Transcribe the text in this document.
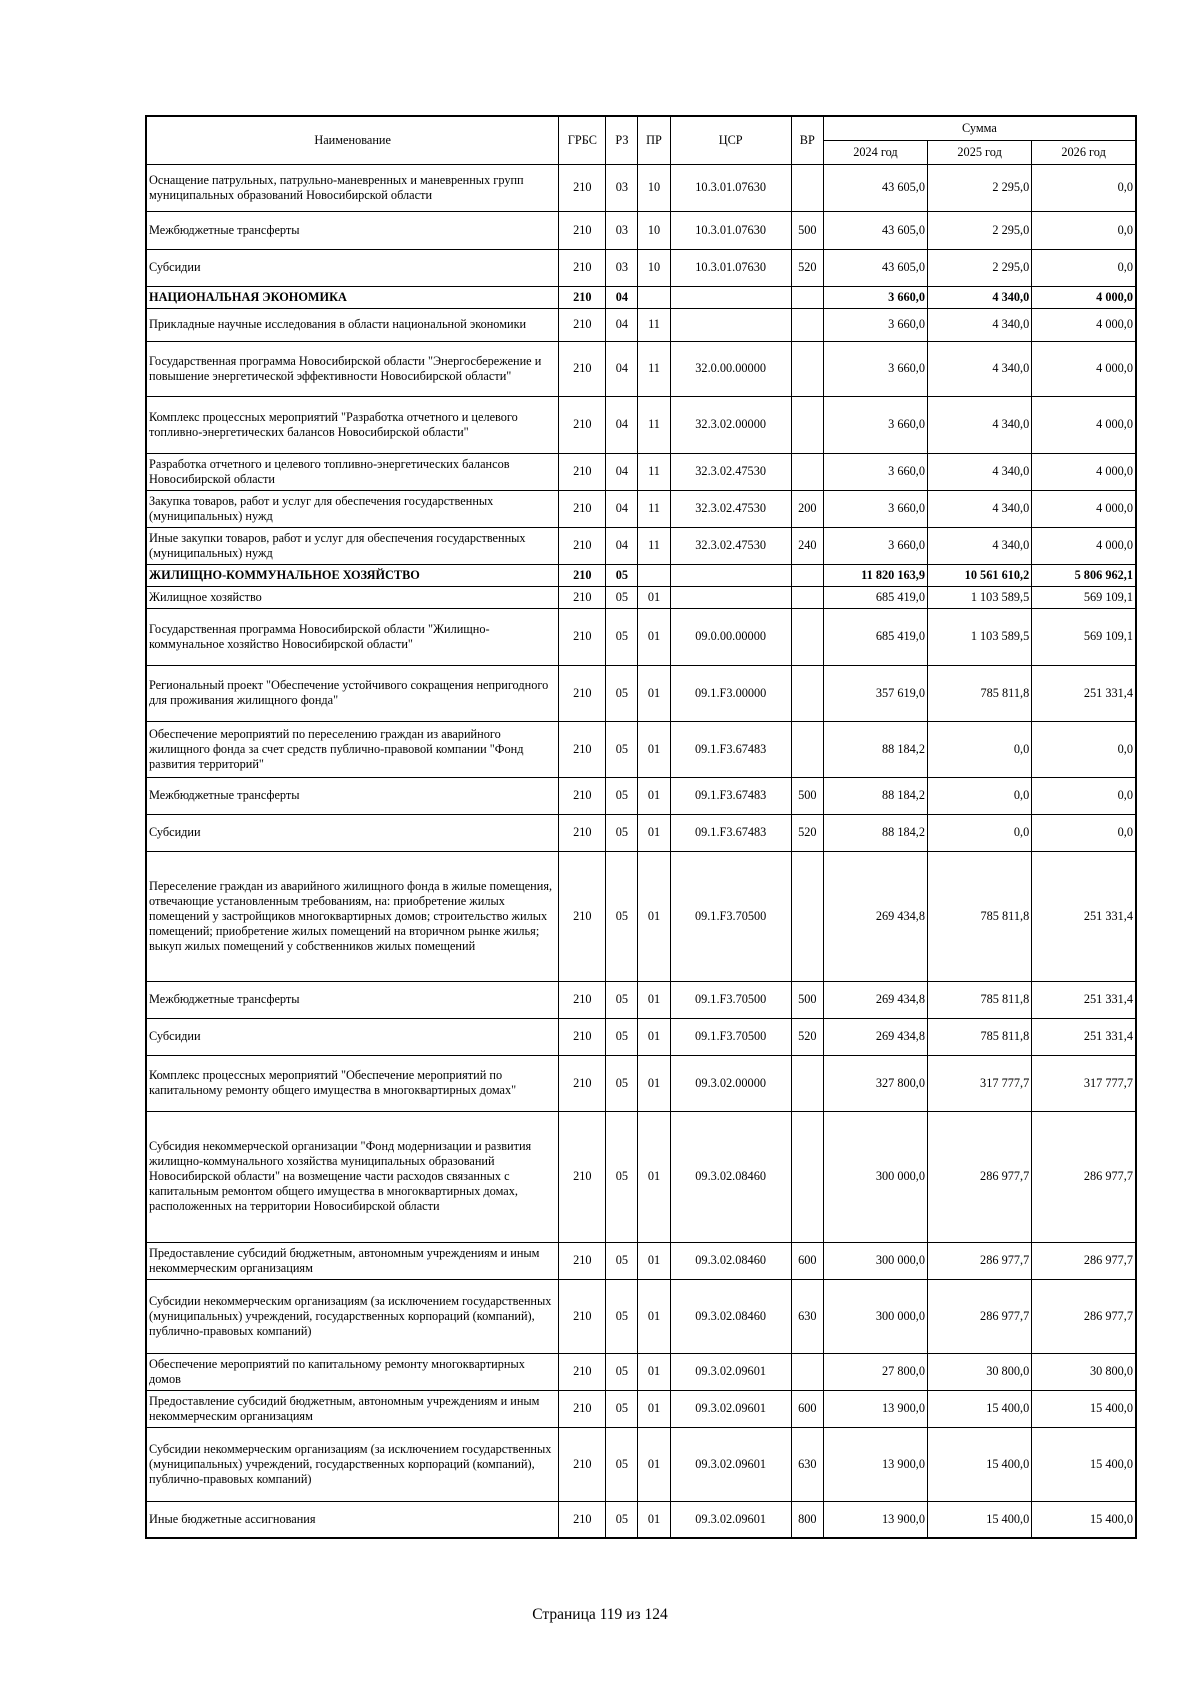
Наименование	ГРБС	РЗ	ПР	ЦСР	ВР	Сумма		
						2024 год	2025 год	2026 год
Оснащение патрульных, патрульно-маневренных и маневренных групп муниципальных образований Новосибирской области	210	03	10	10.3.01.07630		43 605,0	2 295,0	0,0
Межбюджетные трансферты	210	03	10	10.3.01.07630	500	43 605,0	2 295,0	0,0
Субсидии	210	03	10	10.3.01.07630	520	43 605,0	2 295,0	0,0
НАЦИОНАЛЬНАЯ ЭКОНОМИКА	210	04				3 660,0	4 340,0	4 000,0
Прикладные научные исследования в области национальной экономики	210	04	11			3 660,0	4 340,0	4 000,0
Государственная программа Новосибирской области "Энергосбережение и повышение энергетической эффективности Новосибирской области"	210	04	11	32.0.00.00000		3 660,0	4 340,0	4 000,0
Комплекс процессных мероприятий "Разработка отчетного и целевого топливно-энергетических балансов Новосибирской области"	210	04	11	32.3.02.00000		3 660,0	4 340,0	4 000,0
Разработка отчетного и целевого топливно-энергетических балансов Новосибирской области	210	04	11	32.3.02.47530		3 660,0	4 340,0	4 000,0
Закупка товаров, работ и услуг для обеспечения государственных (муниципальных) нужд	210	04	11	32.3.02.47530	200	3 660,0	4 340,0	4 000,0
Иные закупки товаров, работ и услуг для обеспечения государственных (муниципальных) нужд	210	04	11	32.3.02.47530	240	3 660,0	4 340,0	4 000,0
ЖИЛИЩНО-КОММУНАЛЬНОЕ ХОЗЯЙСТВО	210	05				11 820 163,9	10 561 610,2	5 806 962,1
Жилищное хозяйство	210	05	01			685 419,0	1 103 589,5	569 109,1
Государственная программа Новосибирской области "Жилищно-коммунальное хозяйство Новосибирской области"	210	05	01	09.0.00.00000		685 419,0	1 103 589,5	569 109,1
Региональный проект "Обеспечение устойчивого сокращения непригодного для проживания жилищного фонда"	210	05	01	09.1.F3.00000		357 619,0	785 811,8	251 331,4
Обеспечение мероприятий по переселению граждан из аварийного жилищного фонда за счет средств публично-правовой компании "Фонд развития территорий"	210	05	01	09.1.F3.67483		88 184,2	0,0	0,0
Межбюджетные трансферты	210	05	01	09.1.F3.67483	500	88 184,2	0,0	0,0
Субсидии	210	05	01	09.1.F3.67483	520	88 184,2	0,0	0,0
Переселение граждан из аварийного жилищного фонда в жилые помещения, отвечающие установленным требованиям, на: приобретение жилых помещений у застройщиков многоквартирных домов; строительство жилых помещений; приобретение жилых помещений на вторичном рынке жилья; выкуп жилых помещений у собственников жилых помещений	210	05	01	09.1.F3.70500		269 434,8	785 811,8	251 331,4
Межбюджетные трансферты	210	05	01	09.1.F3.70500	500	269 434,8	785 811,8	251 331,4
Субсидии	210	05	01	09.1.F3.70500	520	269 434,8	785 811,8	251 331,4
Комплекс процессных мероприятий "Обеспечение мероприятий по капитальному ремонту общего имущества в многоквартирных домах"	210	05	01	09.3.02.00000		327 800,0	317 777,7	317 777,7
Субсидия некоммерческой организации "Фонд модернизации и развития жилищно-коммунального хозяйства муниципальных образований Новосибирской области" на возмещение части расходов связанных с капитальным ремонтом общего имущества в многоквартирных домах, расположенных на территории Новосибирской области	210	05	01	09.3.02.08460		300 000,0	286 977,7	286 977,7
Предоставление субсидий бюджетным, автономным учреждениям и иным некоммерческим организациям	210	05	01	09.3.02.08460	600	300 000,0	286 977,7	286 977,7
Субсидии некоммерческим организациям (за исключением государственных (муниципальных) учреждений, государственных корпораций (компаний), публично-правовых компаний)	210	05	01	09.3.02.08460	630	300 000,0	286 977,7	286 977,7
Обеспечение мероприятий по капитальному ремонту многоквартирных домов	210	05	01	09.3.02.09601		27 800,0	30 800,0	30 800,0
Предоставление субсидий бюджетным, автономным учреждениям и иным некоммерческим организациям	210	05	01	09.3.02.09601	600	13 900,0	15 400,0	15 400,0
Субсидии некоммерческим организациям (за исключением государственных (муниципальных) учреждений, государственных корпораций (компаний), публично-правовых компаний)	210	05	01	09.3.02.09601	630	13 900,0	15 400,0	15 400,0
Иные бюджетные ассигнования	210	05	01	09.3.02.09601	800	13 900,0	15 400,0	15 400,0
Страница 119 из 124
